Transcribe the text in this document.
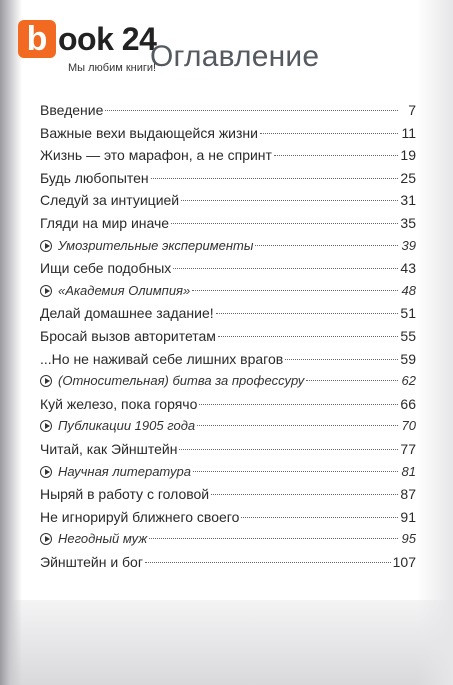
b ook 24
Мы любим книги!
Оглавление
Введение	7
Важные вехи выдающейся жизни	11
Жизнь — это марафон, а не спринт	19
Будь любопытен	25
Следуй за интуицией	31
Гляди на мир иначе	35
Умозрительные эксперименты	39
Ищи себе подобных	43
«Академия Олимпия»	48
Делай домашнее задание!	51
Бросай вызов авторитетам	55
...Но не наживай себе лишних врагов	59
(Относительная) битва за профессуру	62
Куй железо, пока горячо	66
Публикации 1905 года	70
Читай, как Эйнштейн	77
Научная литература	81
Ныряй в работу с головой	87
Не игнорируй ближнего своего	91
Негодный муж	95
Эйнштейн и бог	107
